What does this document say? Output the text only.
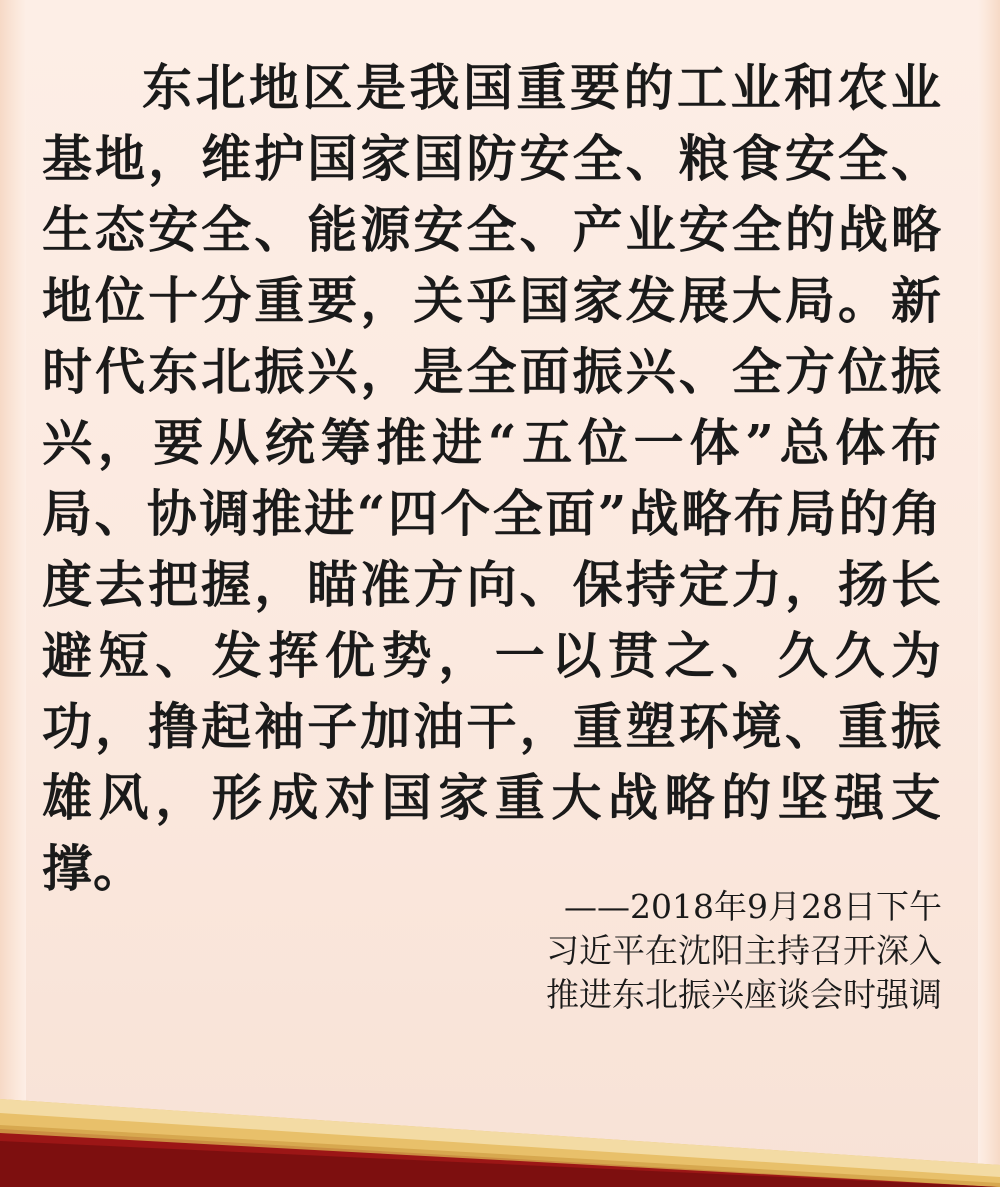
东北地区是我国重要的工业和农业基地，维护国家国防安全、粮食安全、生态安全、能源安全、产业安全的战略地位十分重要，关乎国家发展大局。新时代东北振兴，是全面振兴、全方位振兴，要从统筹推进“五位一体”总体布局、协调推进“四个全面”战略布局的角度去把握，瞄准方向、保持定力，扬长避短、发挥优势，一以贯之、久久为功，撸起袖子加油干，重塑环境、重振雄风，形成对国家重大战略的坚强支撑。
——2018年9月28日下午
习近平在沈阳主持召开深入
推进东北振兴座谈会时强调
